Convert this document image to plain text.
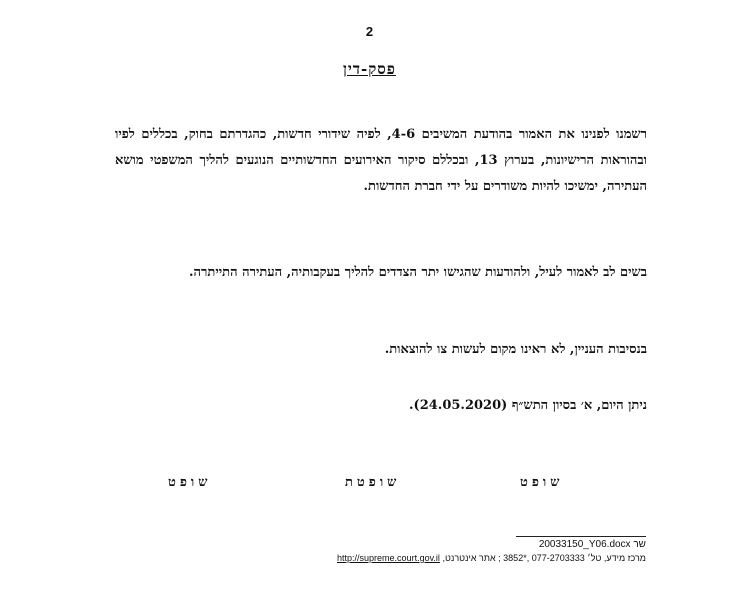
2
פסק-דין
רשמנו לפנינו את האמור בהודעת המשיבים 4-6, לפיה שידורי חדשות, כהגדרתם בחוק, בכללים לפיו ובהוראות הרישיונות, בערוץ 13, ובכללם סיקור האירועים החדשותיים הנוגעים להליך המשפטי מושא העתירה, ימשיכו להיות משודרים על ידי חברת החדשות.
בשים לב לאמור לעיל, ולהודעות שהגישו יתר הצדדים להליך בעקבותיה, העתירה התייתרה.
בנסיבות העניין, לא ראינו מקום לעשות צו להוצאות.
ניתן היום, א׳ בסיון התש״ף (24.05.2020).
שופט
שופטת
שופט
שר 20033150_Y06.docx
מרכז מידע, טל׳ 077-2703333 ,*3852 ; אתר אינטרנט, http://supreme.court.gov.il
